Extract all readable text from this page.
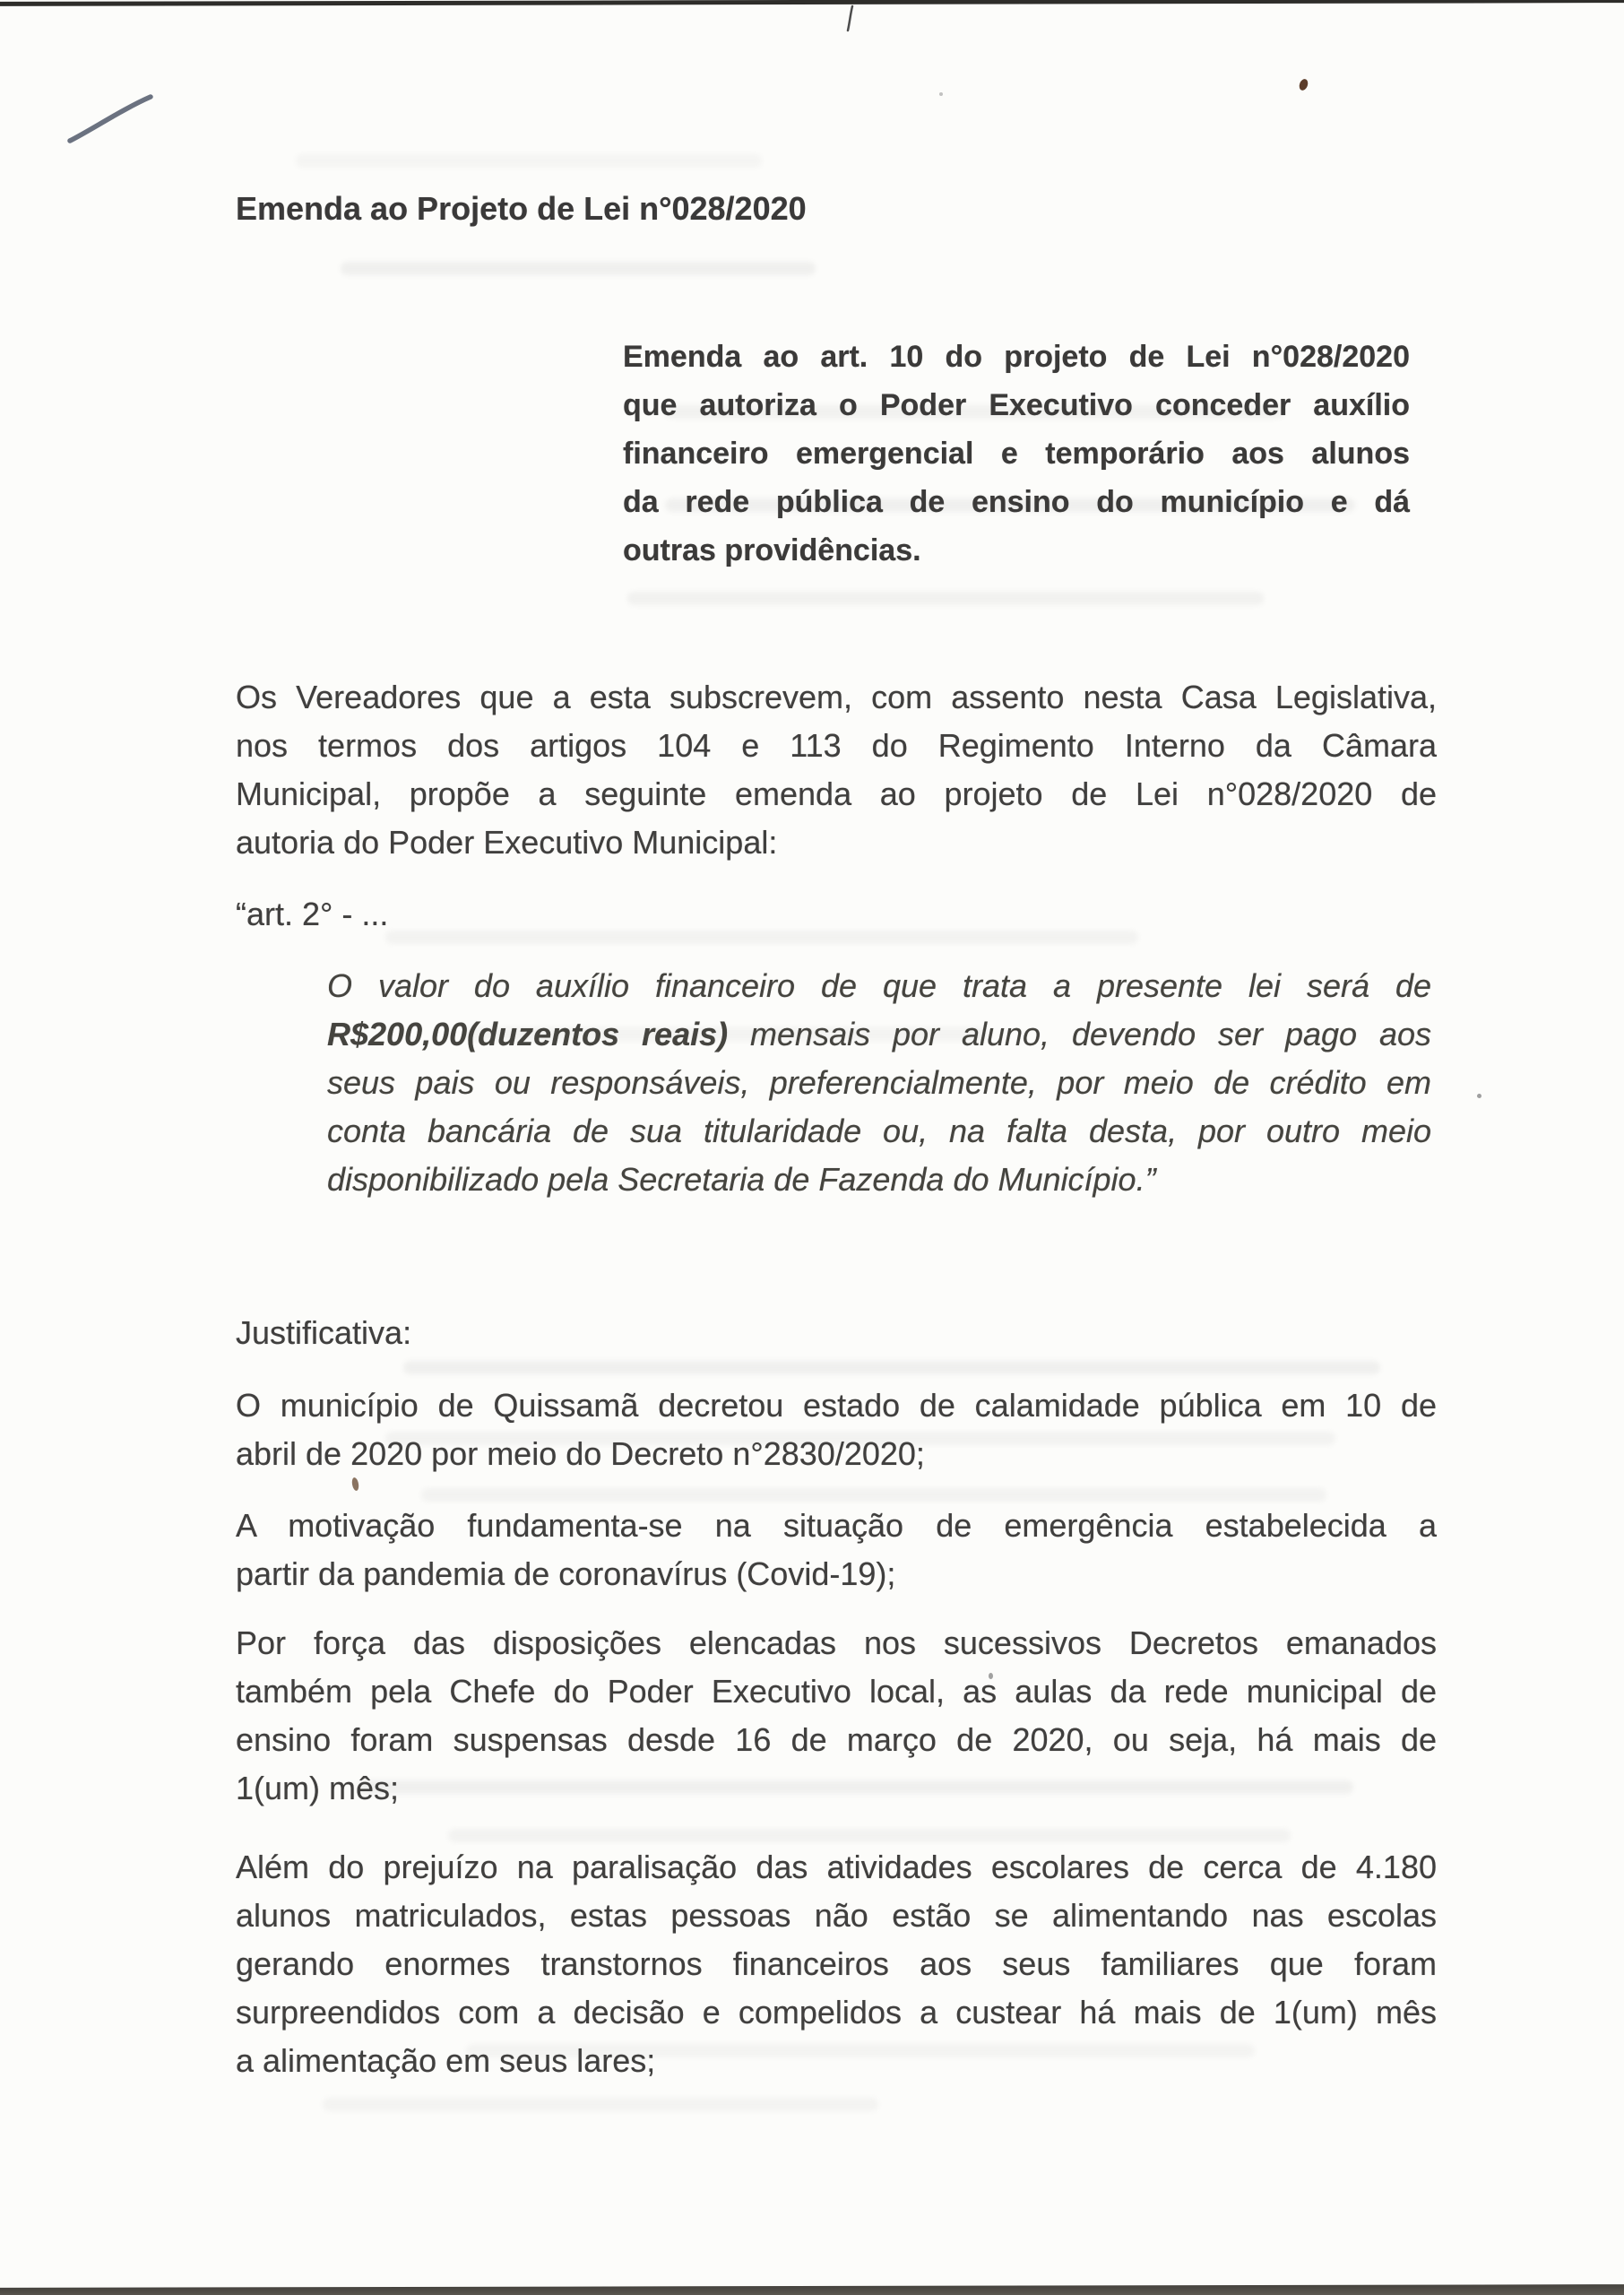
Emenda ao Projeto de Lei n°028/2020
Emenda ao art. 10 do projeto de Lei n°028/2020
que autoriza o Poder Executivo conceder auxílio
financeiro emergencial e temporário aos alunos
da rede pública de ensino do município e dá
outras providências.
Os Vereadores que a esta subscrevem, com assento nesta Casa Legislativa,
nos termos dos artigos 104 e 113 do Regimento Interno da Câmara
Municipal, propõe a seguinte emenda ao projeto de Lei n°028/2020 de
autoria do Poder Executivo Municipal:
“art. 2° - ...
O valor do auxílio financeiro de que trata a presente lei será de
R$200,00(duzentos reais) mensais por aluno, devendo ser pago aos
seus pais ou responsáveis, preferencialmente, por meio de crédito em
conta bancária de sua titularidade ou, na falta desta, por outro meio
disponibilizado pela Secretaria de Fazenda do Município.”
Justificativa:
O município de Quissamã decretou estado de calamidade pública em 10 de
abril de 2020 por meio do Decreto n°2830/2020;
A motivação fundamenta-se na situação de emergência estabelecida a
partir da pandemia de coronavírus (Covid-19);
Por força das disposições elencadas nos sucessivos Decretos emanados
também pela Chefe do Poder Executivo local, as aulas da rede municipal de
ensino foram suspensas desde 16 de março de 2020, ou seja, há mais de
1(um) mês;
Além do prejuízo na paralisação das atividades escolares de cerca de 4.180
alunos matriculados, estas pessoas não estão se alimentando nas escolas
gerando enormes transtornos financeiros aos seus familiares que foram
surpreendidos com a decisão e compelidos a custear há mais de 1(um) mês
a alimentação em seus lares;
